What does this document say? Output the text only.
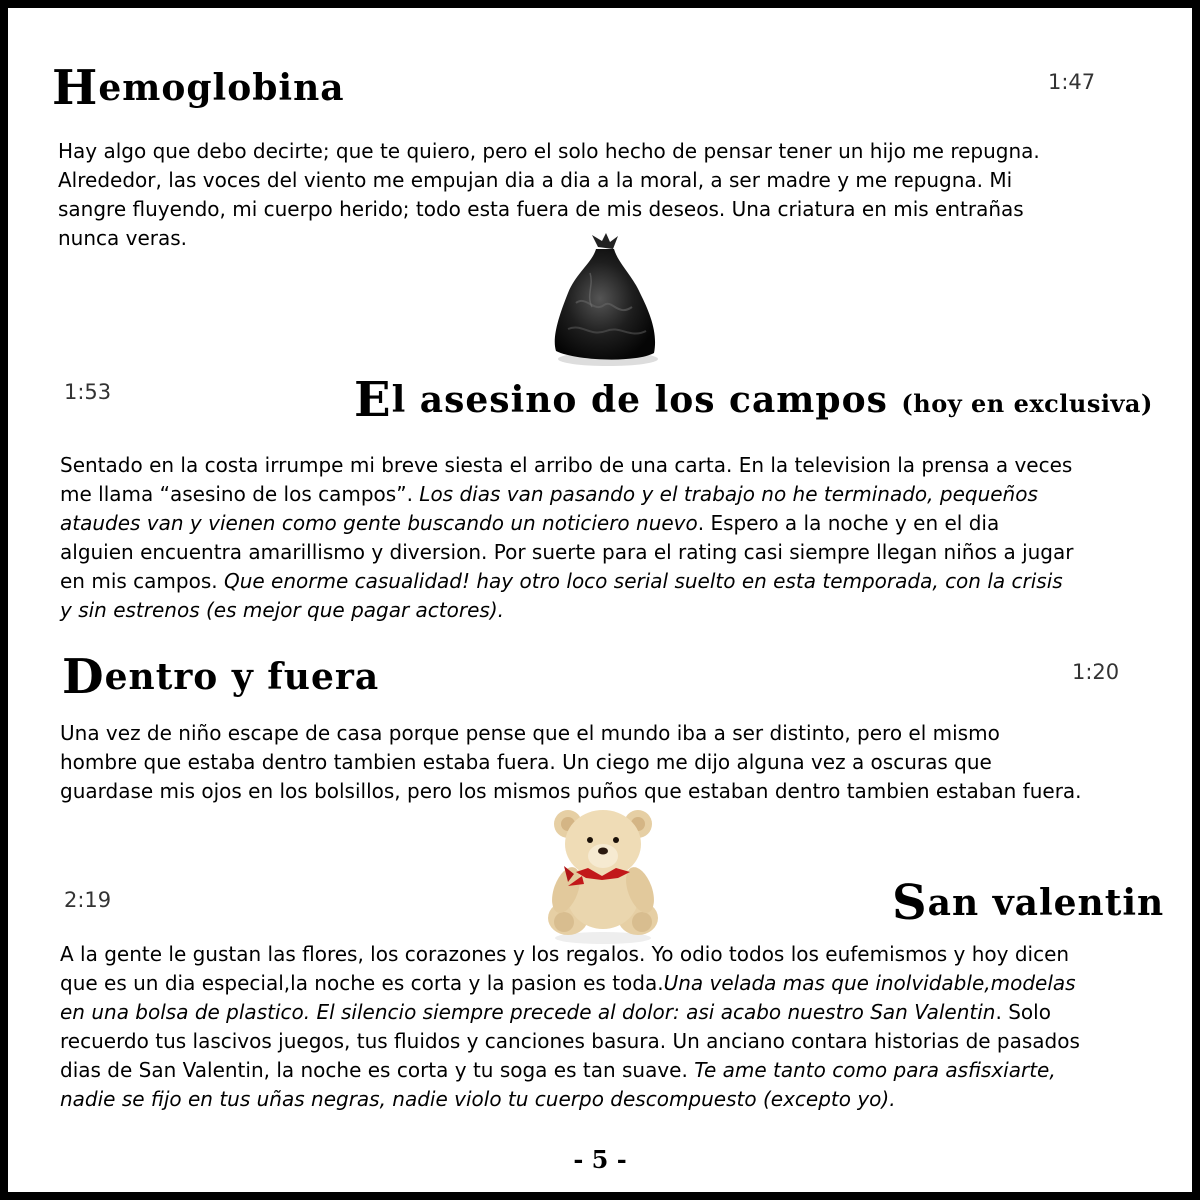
Hemoglobina	1:47
Hay algo que debo decirte; que te quiero, pero el solo hecho de pensar tener un hijo me repugna.
Alrededor, las voces del viento me empujan dia a dia a la moral, a ser madre y me repugna. Mi
sangre fluyendo, mi cuerpo herido; todo esta fuera de mis deseos. Una criatura en mis entrañas
nunca veras.
1:53	El asesino de los campos (hoy en exclusiva)
Sentado en la costa irrumpe mi breve siesta el arribo de una carta. En la television la prensa a veces
me llama “asesino de los campos”. Los dias van pasando y el trabajo no he terminado, pequeños
ataudes van y vienen como gente buscando un noticiero nuevo. Espero a la noche y en el dia
alguien encuentra amarillismo y diversion. Por suerte para el rating casi siempre llegan niños a jugar
en mis campos. Que enorme casualidad! hay otro loco serial suelto en esta temporada, con la crisis
y sin estrenos (es mejor que pagar actores).
Dentro y fuera	1:20
Una vez de niño escape de casa porque pense que el mundo iba a ser distinto, pero el mismo
hombre que estaba dentro tambien estaba fuera. Un ciego me dijo alguna vez a oscuras que
guardase mis ojos en los bolsillos, pero los mismos puños que estaban dentro tambien estaban fuera.
2:19	San valentin
A la gente le gustan las flores, los corazones y los regalos. Yo odio todos los eufemismos y hoy dicen
que es un dia especial,la noche es corta y la pasion es toda.Una velada mas que inolvidable,modelas
en una bolsa de plastico. El silencio siempre precede al dolor: asi acabo nuestro San Valentin. Solo
recuerdo tus lascivos juegos, tus fluidos y canciones basura. Un anciano contara historias de pasados
dias de San Valentin, la noche es corta y tu soga es tan suave. Te ame tanto como para asfisxiarte,
nadie se fijo en tus uñas negras, nadie violo tu cuerpo descompuesto (excepto yo).
- 5 -
